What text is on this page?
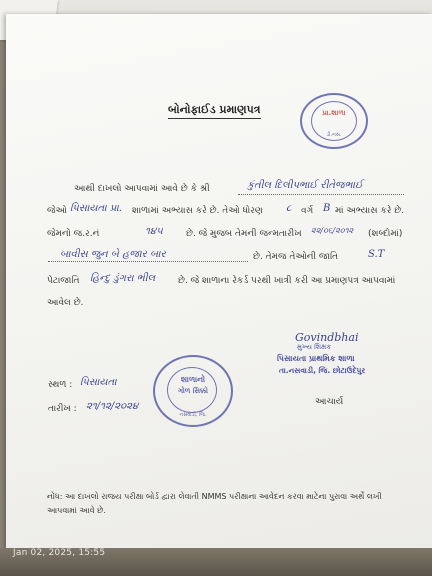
પ્રા.શાળા
ડી.નસ.
બોનોફાઈડ પ્રમાણપત્ર
આથી દાખલો આપવામાં આવે છે કે શ્રી	કુંતીલ દિલીપભાઈ રીતેજભાઈ
જેઓ પિસાયતા પ્રા. શાળામાં અભ્યાસ કરે છે. તેઓ ધોરણ ૮ વર્ગ B માં અભ્યાસ કરે છે.
જેમનો જ.ર.નં	૧૪૫	છે. જે મુજબ તેમની જન્મતારીખ ૨૨/૦૬/૨૦૧૨ (શબ્દોમાં)
બાવીસ જુન બે હજાર બાર	છે. તેમજ તેઓની જાતિ	S.T
પેટાજાતિ હિન્દુ ડુંગરા ભીલ	છે. જે શાળાના રેકર્ડ પરથી ખાત્રી કરી આ પ્રમાણપત્ર આપવામાં
આવેલ છે.
Govindbhai
મુખ્ય શિક્ષક
પિસાયતા પ્રાથમિક શાળા
તા.નસવાડી, જિ. છોટાઉદેપુર
શાળાનો
ગોળ સિક્કો
નસવાડી, જિ.
સ્થળ : પિસાયતા
તારીખ : ૨૧/૧૨/૨૦૨૪	આચાર્ય
નોંધ: આ દાખલો રાજય પરીક્ષા બોર્ડ દ્વારા લેવાતી NMMS પરીક્ષાના આવેદન કરવા માટેના પુરાવા અર્થે લખી
આપવામાં આવે છે.
Jan 02, 2025, 15:55
